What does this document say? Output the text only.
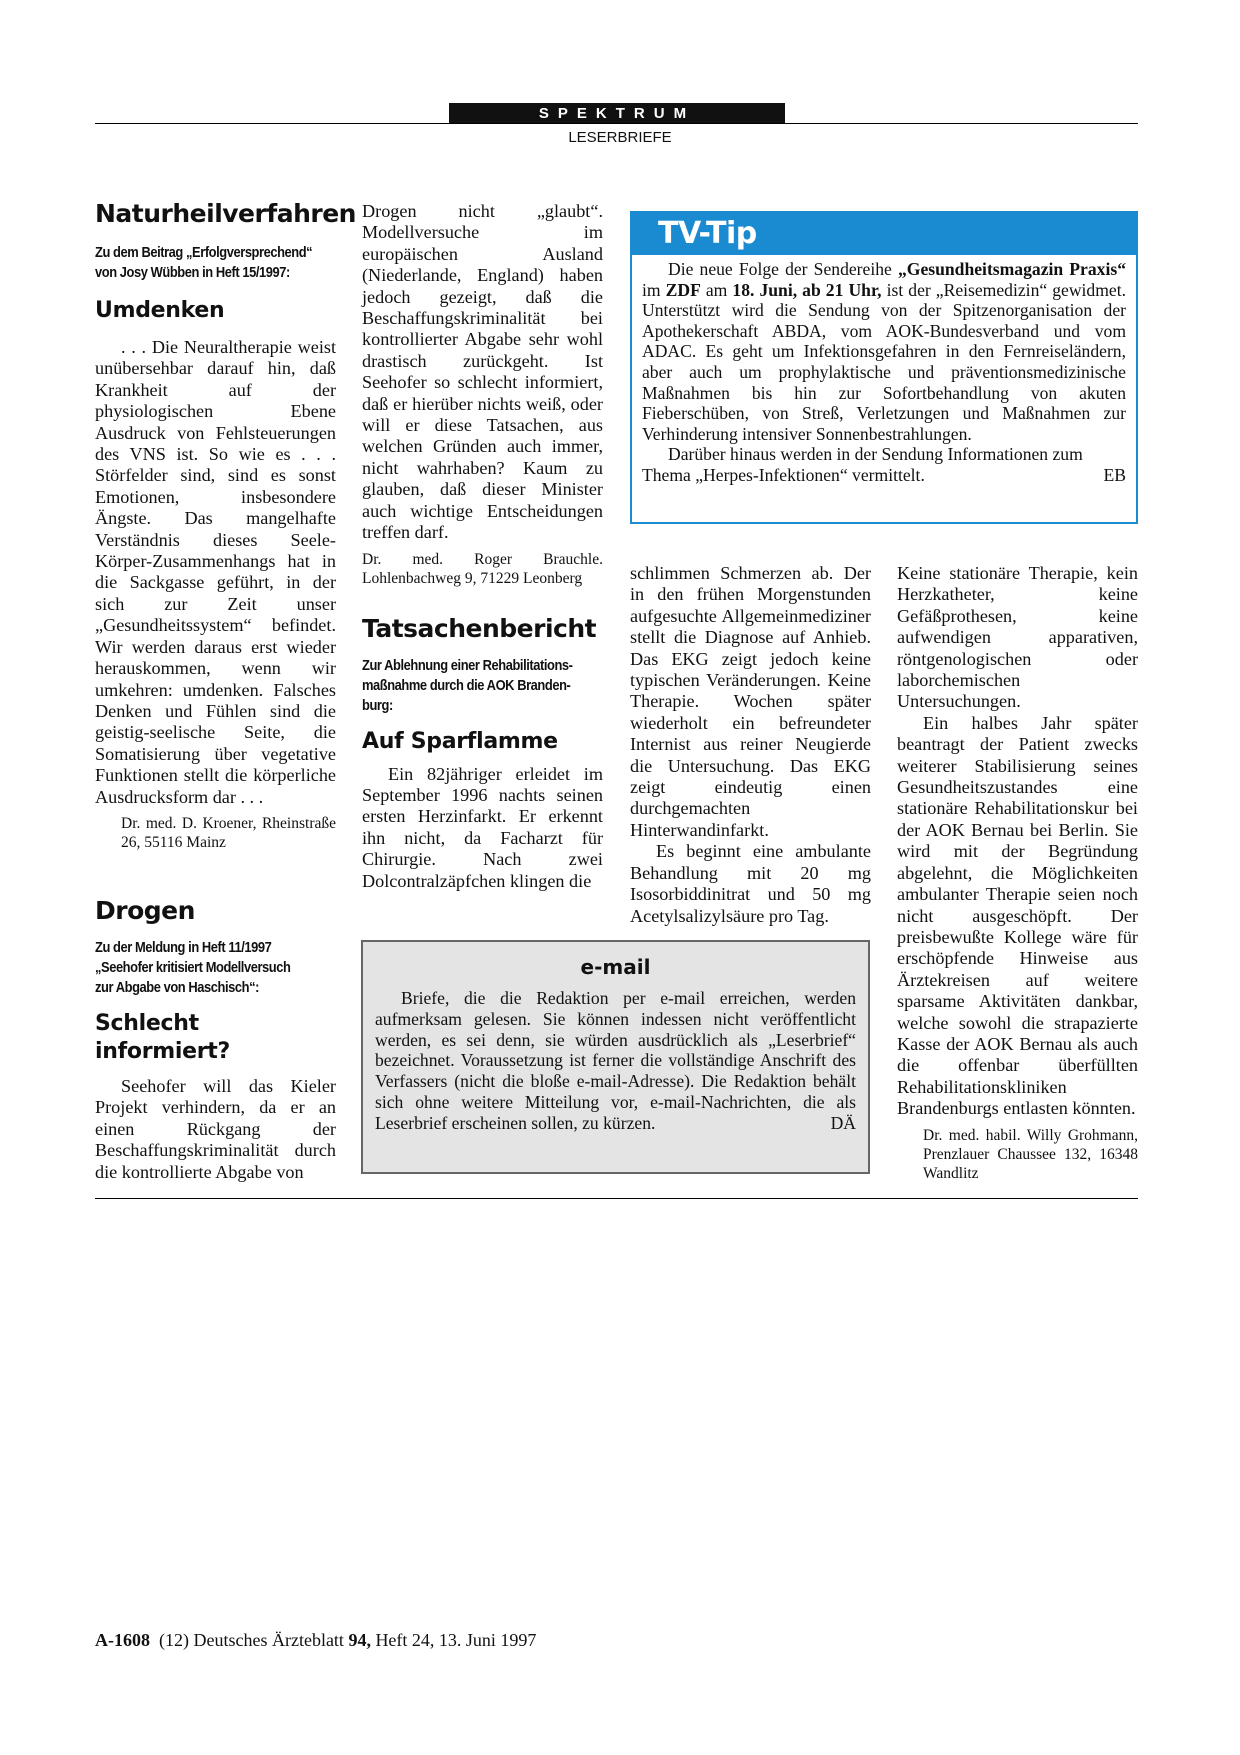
SPEKTRUM
LESERBRIEFE
Naturheilverfahren

Zu dem Beitrag „Erfolgversprechend“

von Josy Wübben in Heft 15/1997:

Umdenken

. . . Die Neuraltherapie weist unübersehbar darauf hin, daß Krankheit auf der physiologischen Ebene Ausdruck von Fehlsteuerungen des VNS ist. So wie es . . . Störfelder sind, sind es sonst Emotionen, insbesondere Ängste. Das mangelhafte Verständnis dieses Seele-Körper-Zusammenhangs hat in die Sackgasse geführt, in der sich zur Zeit unser „Gesundheitssystem“ befindet. Wir werden daraus erst wieder herauskommen, wenn wir umkehren: umdenken. Falsches Denken und Fühlen sind die geistig-seelische Seite, die Somatisierung über vegetative Funktionen stellt die körperliche Ausdrucksform dar . . .

Dr. med. D. Kroener, Rheinstraße 26, 55116 Mainz

Drogen

Zu der Meldung in Heft 11/1997

„Seehofer kritisiert Modellversuch

zur Abgabe von Haschisch“:

Schlecht informiert?

Seehofer will das Kieler Projekt verhindern, da er an einen Rückgang der Beschaffungskriminalität durch die kontrollierte Abgabe von

Drogen nicht „glaubt“. Modellversuche im europäischen Ausland (Niederlande, England) haben jedoch gezeigt, daß die Beschaffungskriminalität bei kontrollierter Abgabe sehr wohl drastisch zurückgeht. Ist Seehofer so schlecht informiert, daß er hierüber nichts weiß, oder will er diese Tatsachen, aus welchen Gründen auch immer, nicht wahrhaben? Kaum zu glauben, daß dieser Minister auch wichtige Entscheidungen treffen darf.

Dr. med. Roger Brauchle. Lohlenbachweg 9, 71229 Leonberg

Tatsachenbericht

Zur Ablehnung einer Rehabilitations-

maßnahme durch die AOK Branden-

burg:

Auf Sparflamme

Ein 82jähriger erleidet im September 1996 nachts seinen ersten Herzinfarkt. Er erkennt ihn nicht, da Facharzt für Chirurgie. Nach zwei Dolcontralzäpfchen klingen die

TV-Tip

Die neue Folge der Sendereihe „Gesundheitsmagazin Praxis“ im ZDF am 18. Juni, ab 21 Uhr, ist der „Reisemedizin“ gewidmet. Unterstützt wird die Sendung von der Spitzenorganisation der Apothekerschaft ABDA, vom AOK-Bundesverband und vom ADAC. Es geht um Infektionsgefahren in den Fernreiseländern, aber auch um prophylaktische und präventionsmedizinische Maßnahmen bis hin zur Sofortbehandlung von akuten Fieberschüben, von Streß, Verletzungen und Maßnahmen zur Verhinderung intensiver Sonnenbestrahlungen.

Darüber hinaus werden in der Sendung Informationen zum Thema „Herpes-Infektionen“ vermittelt.	EB

schlimmen Schmerzen ab. Der in den frühen Morgenstunden aufgesuchte Allgemeinmediziner stellt die Diagnose auf Anhieb. Das EKG zeigt jedoch keine typischen Veränderungen. Keine Therapie. Wochen später wiederholt ein befreundeter Internist aus reiner Neugierde die Untersuchung. Das EKG zeigt eindeutig einen durchgemachten Hinterwandinfarkt.

Es beginnt eine ambulante Behandlung mit 20 mg Isosorbiddinitrat und 50 mg Acetylsalizylsäure pro Tag.

Keine stationäre Therapie, kein Herzkatheter, keine Gefäßprothesen, keine aufwendigen apparativen, röntgenologischen oder laborchemischen Untersuchungen.

Ein halbes Jahr später beantragt der Patient zwecks weiterer Stabilisierung seines Gesundheitszustandes eine stationäre Rehabilitationskur bei der AOK Bernau bei Berlin. Sie wird mit der Begründung abgelehnt, die Möglichkeiten ambulanter Therapie seien noch nicht ausgeschöpft. Der preisbewußte Kollege wäre für erschöpfende Hinweise aus Ärztekreisen auf weitere sparsame Aktivitäten dankbar, welche sowohl die strapazierte Kasse der AOK Bernau als auch die offenbar überfüllten Rehabilitationskliniken Brandenburgs entlasten könnten.

Dr. med. habil. Willy Grohmann, Prenzlauer Chaussee 132, 16348 Wandlitz

e-mail

Briefe, die die Redaktion per e-mail erreichen, werden aufmerksam gelesen. Sie können indessen nicht veröffentlicht werden, es sei denn, sie würden ausdrücklich als „Leserbrief“ bezeichnet. Voraussetzung ist ferner die vollständige Anschrift des Verfassers (nicht die bloße e-mail-Adresse). Die Redaktion behält sich ohne weitere Mitteilung vor, e-mail-Nachrichten, die als Leserbrief erscheinen sollen, zu kürzen.	DÄ

A-1608 (12) Deutsches Ärzteblatt 94, Heft 24, 13. Juni 1997
